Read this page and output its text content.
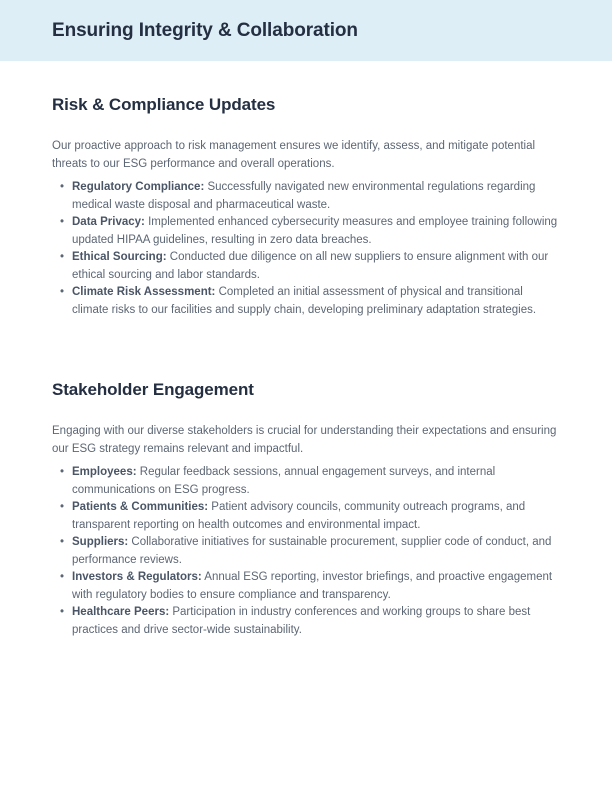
Ensuring Integrity & Collaboration
Risk & Compliance Updates

Our proactive approach to risk management ensures we identify, assess, and mitigate potential threats to our ESG performance and overall operations.

• Regulatory Compliance: Successfully navigated new environmental regulations regarding medical waste disposal and pharmaceutical waste.
• Data Privacy: Implemented enhanced cybersecurity measures and employee training following updated HIPAA guidelines, resulting in zero data breaches.
• Ethical Sourcing: Conducted due diligence on all new suppliers to ensure alignment with our ethical sourcing and labor standards.
• Climate Risk Assessment: Completed an initial assessment of physical and transitional climate risks to our facilities and supply chain, developing preliminary adaptation strategies.
Stakeholder Engagement

Engaging with our diverse stakeholders is crucial for understanding their expectations and ensuring our ESG strategy remains relevant and impactful.

• Employees: Regular feedback sessions, annual engagement surveys, and internal communications on ESG progress.
• Patients & Communities: Patient advisory councils, community outreach programs, and transparent reporting on health outcomes and environmental impact.
• Suppliers: Collaborative initiatives for sustainable procurement, supplier code of conduct, and performance reviews.
• Investors & Regulators: Annual ESG reporting, investor briefings, and proactive engagement with regulatory bodies to ensure compliance and transparency.
• Healthcare Peers: Participation in industry conferences and working groups to share best practices and drive sector-wide sustainability.
